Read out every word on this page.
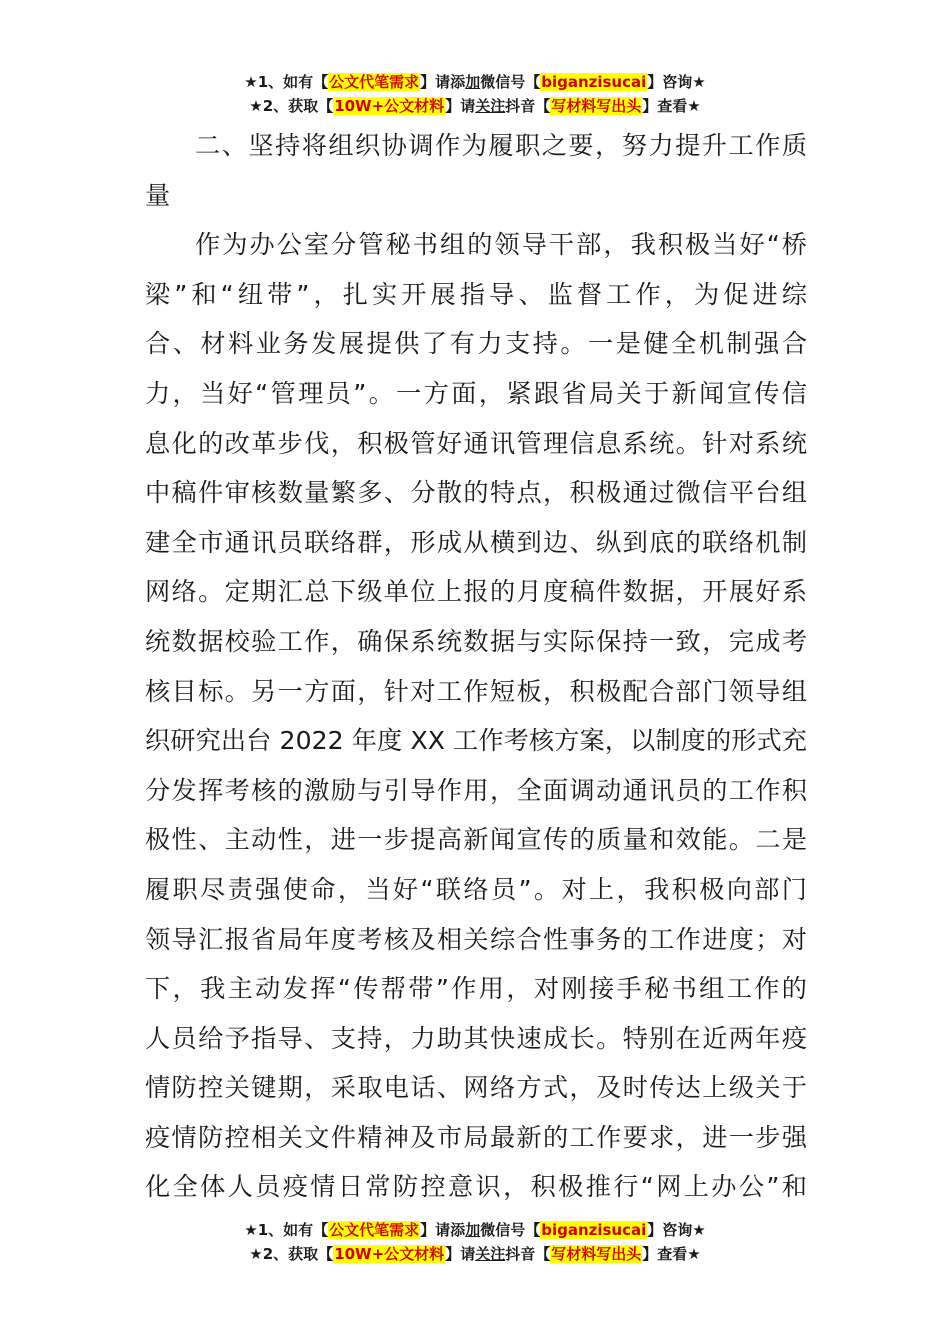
★1、如有【公文代笔需求】请添加微信号【biganzisucai】咨询★
★2、获取【10W+公文材料】请关注抖音【写材料写出头】查看★
二、坚持将组织协调作为履职之要，努力提升工作质
量
作为办公室分管秘书组的领导干部，我积极当好“桥
梁”和“纽带”，扎实开展指导、监督工作，为促进综
合、材料业务发展提供了有力支持。一是健全机制强合
力，当好“管理员”。一方面，紧跟省局关于新闻宣传信
息化的改革步伐，积极管好通讯管理信息系统。针对系统
中稿件审核数量繁多、分散的特点，积极通过微信平台组
建全市通讯员联络群，形成从横到边、纵到底的联络机制
网络。定期汇总下级单位上报的月度稿件数据，开展好系
统数据校验工作，确保系统数据与实际保持一致，完成考
核目标。另一方面，针对工作短板，积极配合部门领导组
织研究出台 2022 年度 XX 工作考核方案，以制度的形式充
分发挥考核的激励与引导作用，全面调动通讯员的工作积
极性、主动性，进一步提高新闻宣传的质量和效能。二是
履职尽责强使命，当好“联络员”。对上，我积极向部门
领导汇报省局年度考核及相关综合性事务的工作进度；对
下，我主动发挥“传帮带”作用，对刚接手秘书组工作的
人员给予指导、支持，力助其快速成长。特别在近两年疫
情防控关键期，采取电话、网络方式，及时传达上级关于
疫情防控相关文件精神及市局最新的工作要求，进一步强
化全体人员疫情日常防控意识，积极推行“网上办公”和
★1、如有【公文代笔需求】请添加微信号【biganzisucai】咨询★
★2、获取【10W+公文材料】请关注抖音【写材料写出头】查看★
